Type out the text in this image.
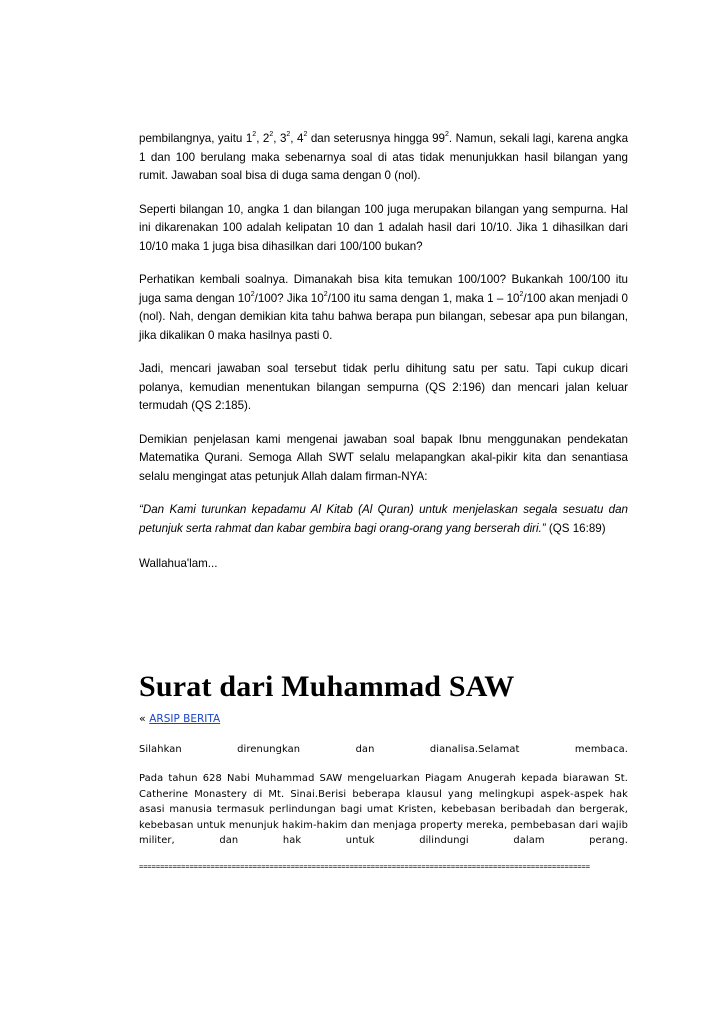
pembilangnya, yaitu $1^2$, $2^2$, $3^2$, $4^2$ dan seterusnya hingga $99^2$. Namun, sekali lagi, karena angka 1 dan 100 berulang maka sebenarnya soal di atas tidak menunjukkan hasil bilangan yang rumit. Jawaban soal bisa di duga sama dengan 0 (nol).

Seperti bilangan 10, angka 1 dan bilangan 100 juga merupakan bilangan yang sempurna. Hal ini dikarenakan 100 adalah kelipatan 10 dan 1 adalah hasil dari 10/10. Jika 1 dihasilkan dari 10/10 maka 1 juga bisa dihasilkan dari 100/100 bukan?

Perhatikan kembali soalnya. Dimanakah bisa kita temukan 100/100? Bukankah 100/100 itu juga sama dengan $10^2/100$? Jika $10^2/100$ itu sama dengan 1, maka $1 - 10^2/100$ akan menjadi 0 (nol). Nah, dengan demikian kita tahu bahwa berapa pun bilangan, sebesar apa pun bilangan, jika dikalikan 0 maka hasilnya pasti 0.

Jadi, mencari jawaban soal tersebut tidak perlu dihitung satu per satu. Tapi cukup dicari polanya, kemudian menentukan bilangan sempurna (QS 2:196) dan mencari jalan keluar termudah (QS 2:185).

Demikian penjelasan kami mengenai jawaban soal bapak Ibnu menggunakan pendekatan Matematika Qurani. Semoga Allah SWT selalu melapangkan akal-pikir kita dan senantiasa selalu mengingat atas petunjuk Allah dalam firman-NYA:

“Dan Kami turunkan kepadamu Al Kitab (Al Quran) untuk menjelaskan segala sesuatu dan petunjuk serta rahmat dan kabar gembira bagi orang-orang yang berserah diri.” (QS 16:89)

Wallahua'lam...

Surat dari Muhammad SAW
« ARSIP BERITA

Silahkan direnungkan dan dianalisa.Selamat membaca.

Pada tahun 628 Nabi Muhammad SAW mengeluarkan Piagam Anugerah kepada biarawan St. Catherine Monastery di Mt. Sinai.Berisi beberapa klausul yang melingkupi aspek-aspek hak asasi manusia termasuk perlindungan bagi umat Kristen, kebebasan beribadah dan bergerak, kebebasan untuk menunjuk hakim-hakim dan menjaga property mereka, pembebasan dari wajib militer, dan hak untuk dilindungi dalam perang.

===========================================================================================================
